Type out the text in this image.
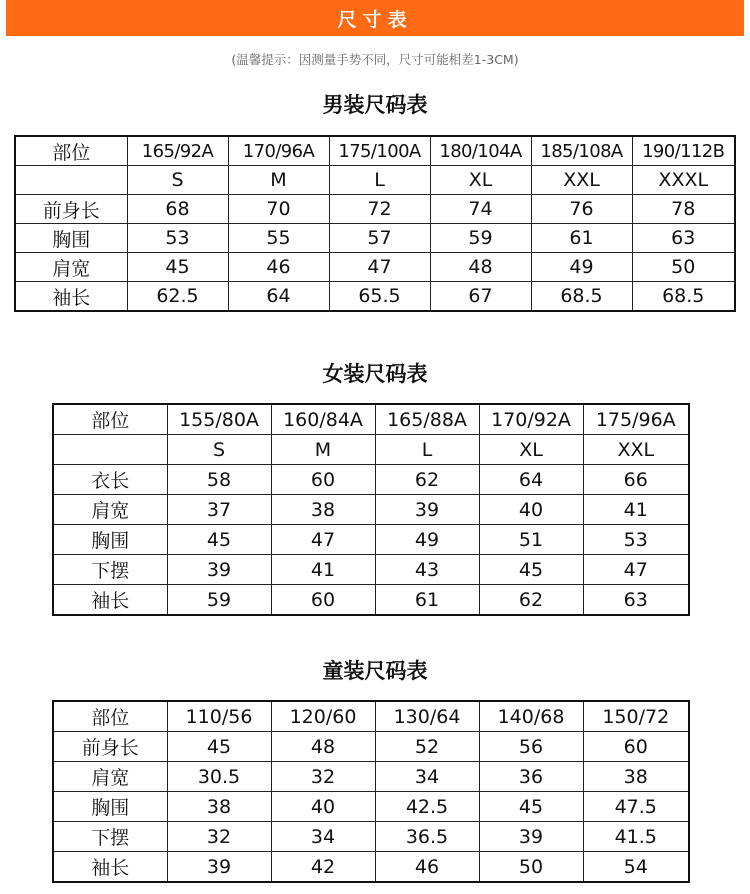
尺寸表
(温馨提示：因测量手势不同，尺寸可能相差1-3CM)
男装尺码表
部位	165/92A	170/96A	175/100A	180/104A	185/108A	190/112B
	S	M	L	XL	XXL	XXXL
前身长	68	70	72	74	76	78
胸围	53	55	57	59	61	63
肩宽	45	46	47	48	49	50
袖长	62.5	64	65.5	67	68.5	68.5
女装尺码表
部位	155/80A	160/84A	165/88A	170/92A	175/96A
	S	M	L	XL	XXL
衣长	58	60	62	64	66
肩宽	37	38	39	40	41
胸围	45	47	49	51	53
下摆	39	41	43	45	47
袖长	59	60	61	62	63
童装尺码表
部位	110/56	120/60	130/64	140/68	150/72
前身长	45	48	52	56	60
肩宽	30.5	32	34	36	38
胸围	38	40	42.5	45	47.5
下摆	32	34	36.5	39	41.5
袖长	39	42	46	50	54
